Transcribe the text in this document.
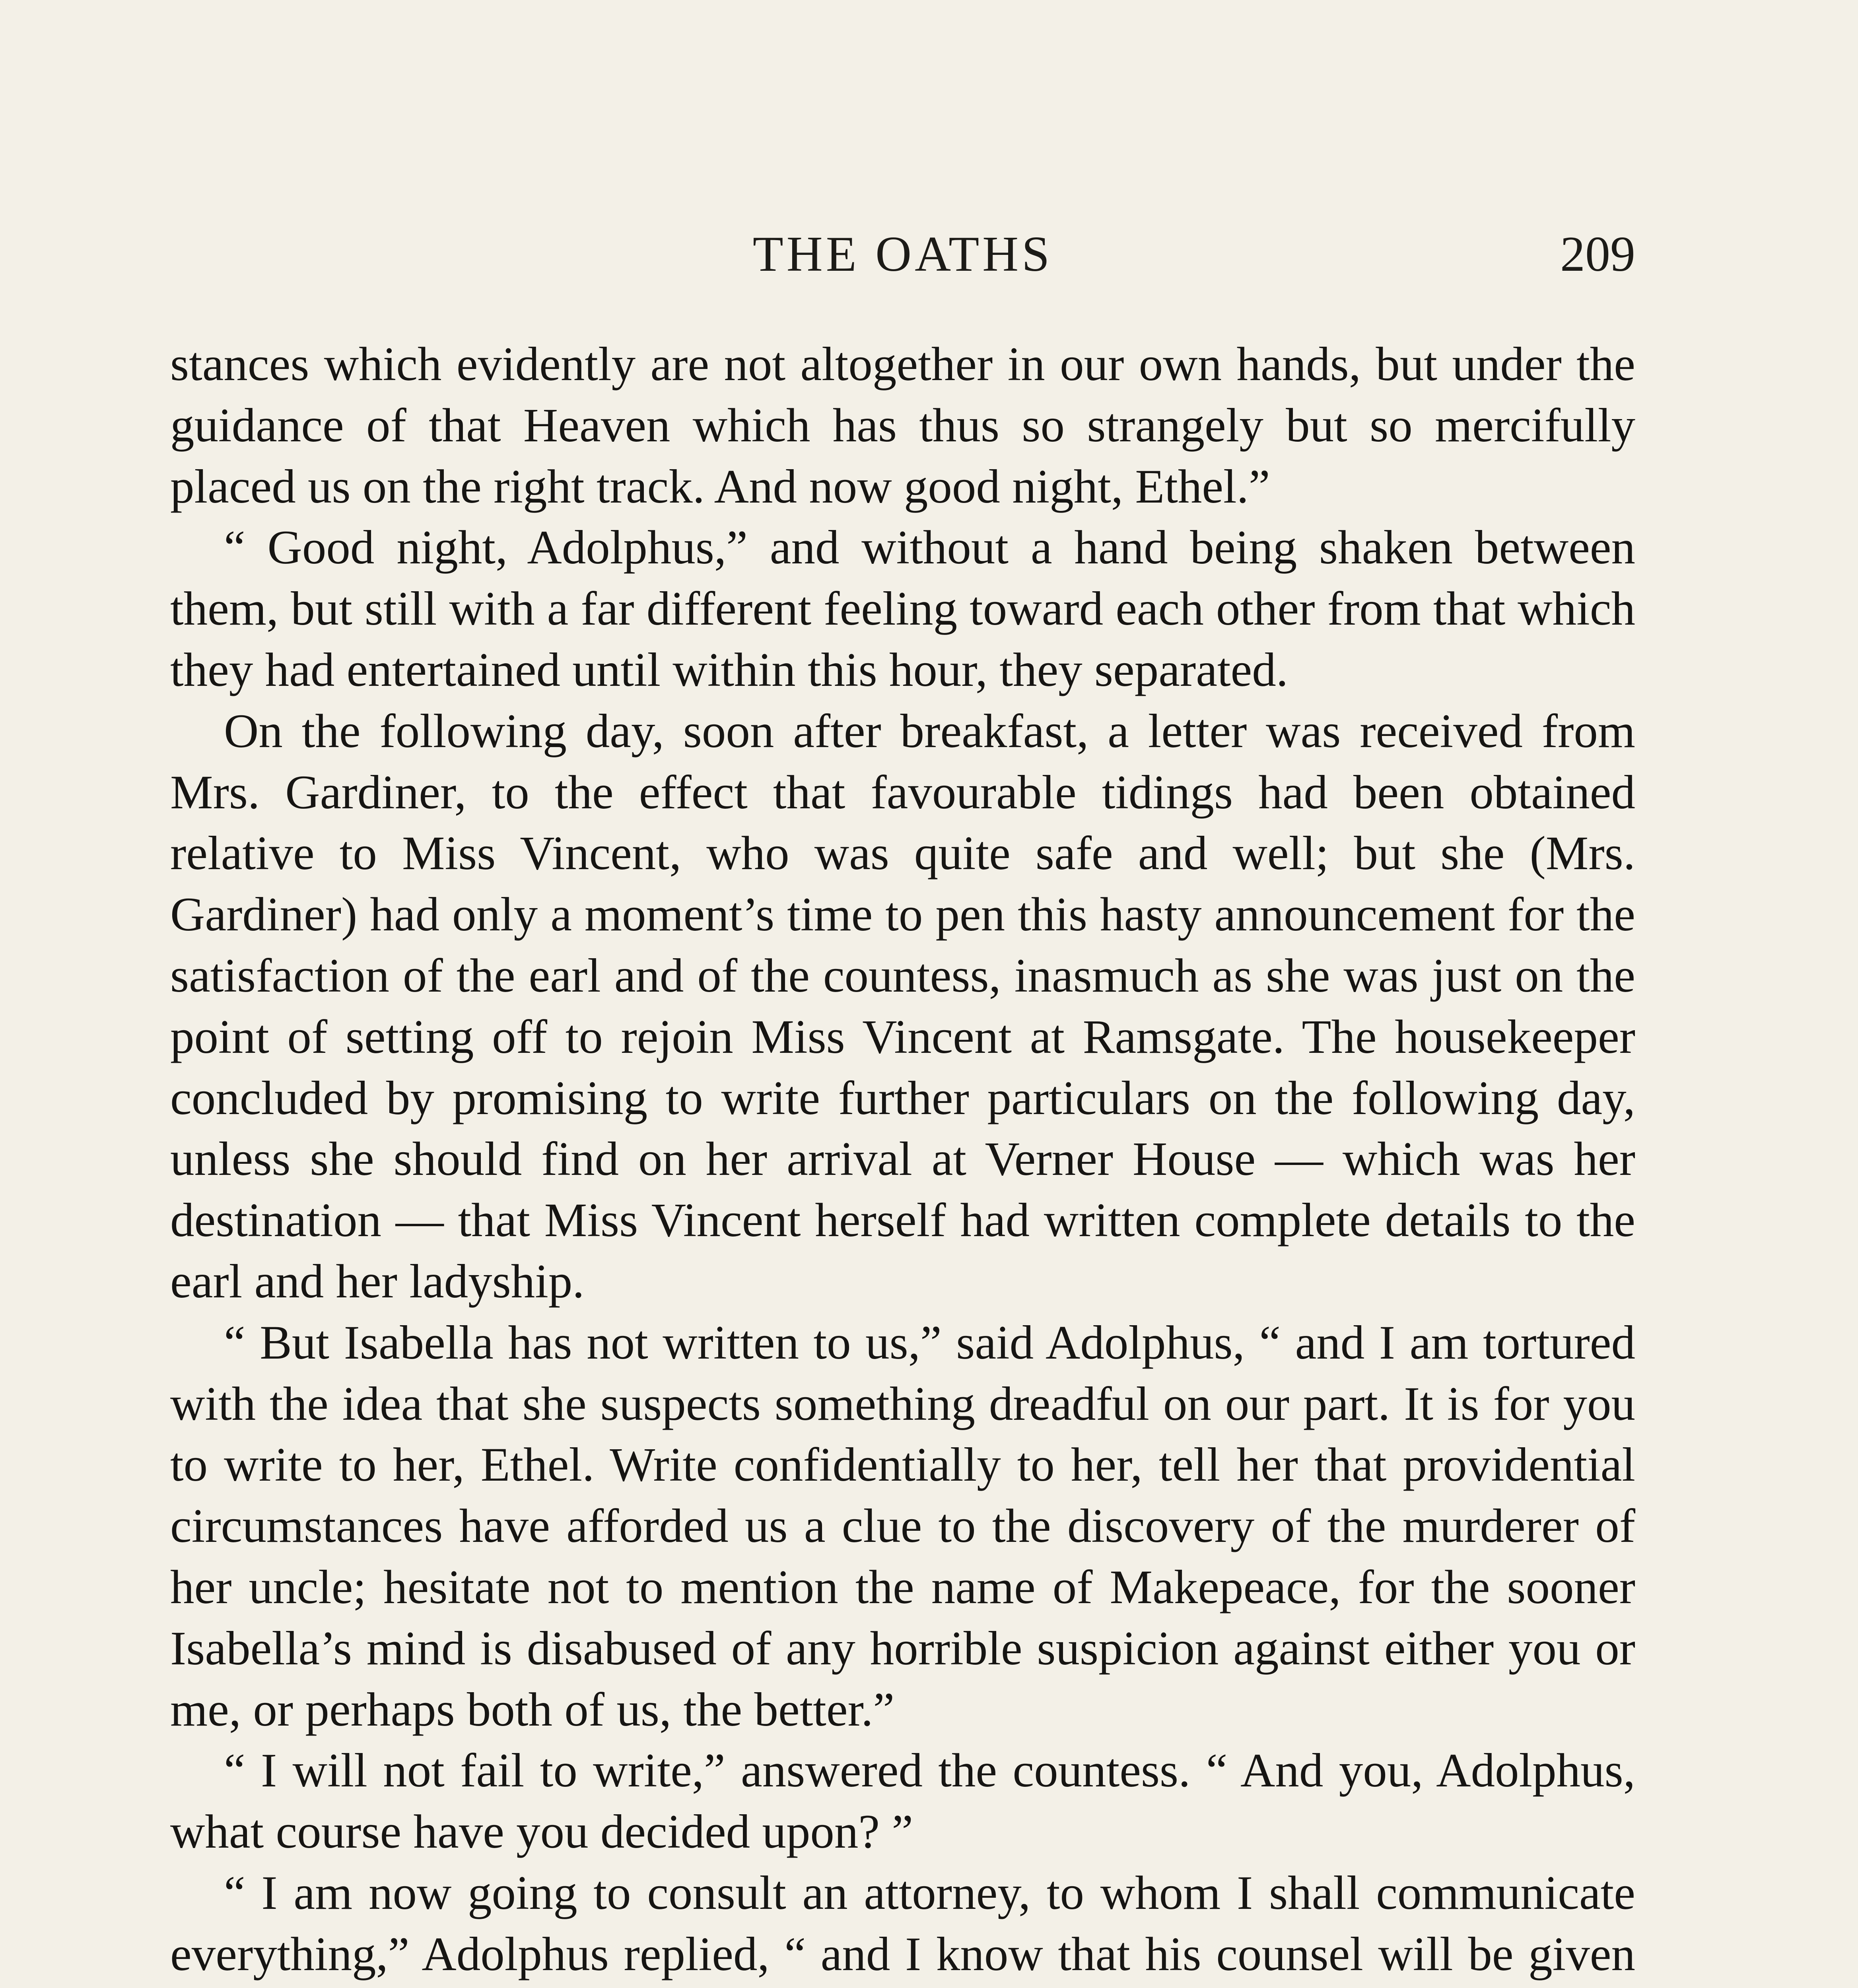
THE OATHS	209

stances which evidently are not altogether in our own hands, but under the guidance of that Heaven which has thus so strangely but so mercifully placed us on the right track. And now good night, Ethel.”

“ Good night, Adolphus,” and without a hand being shaken between them, but still with a far different feeling toward each other from that which they had entertained until within this hour, they separated.

On the following day, soon after breakfast, a letter was received from Mrs. Gardiner, to the effect that favourable tidings had been obtained relative to Miss Vincent, who was quite safe and well; but she (Mrs. Gardiner) had only a moment’s time to pen this hasty announcement for the satisfaction of the earl and of the countess, inasmuch as she was just on the point of setting off to rejoin Miss Vincent at Ramsgate. The housekeeper concluded by promising to write further particulars on the following day, unless she should find on her arrival at Verner House — which was her destination — that Miss Vincent herself had written complete details to the earl and her ladyship.

“ But Isabella has not written to us,” said Adolphus, “ and I am tortured with the idea that she suspects something dreadful on our part. It is for you to write to her, Ethel. Write confidentially to her, tell her that providential circumstances have afforded us a clue to the discovery of the murderer of her uncle; hesitate not to mention the name of Makepeace, for the sooner Isabella’s mind is disabused of any horrible suspicion against either you or me, or perhaps both of us, the better.”

“ I will not fail to write,” answered the countess. “ And you, Adolphus, what course have you decided upon? ”

“ I am now going to consult an attorney, to whom I shall communicate everything,” Adolphus replied, “ and I know that his counsel will be given
